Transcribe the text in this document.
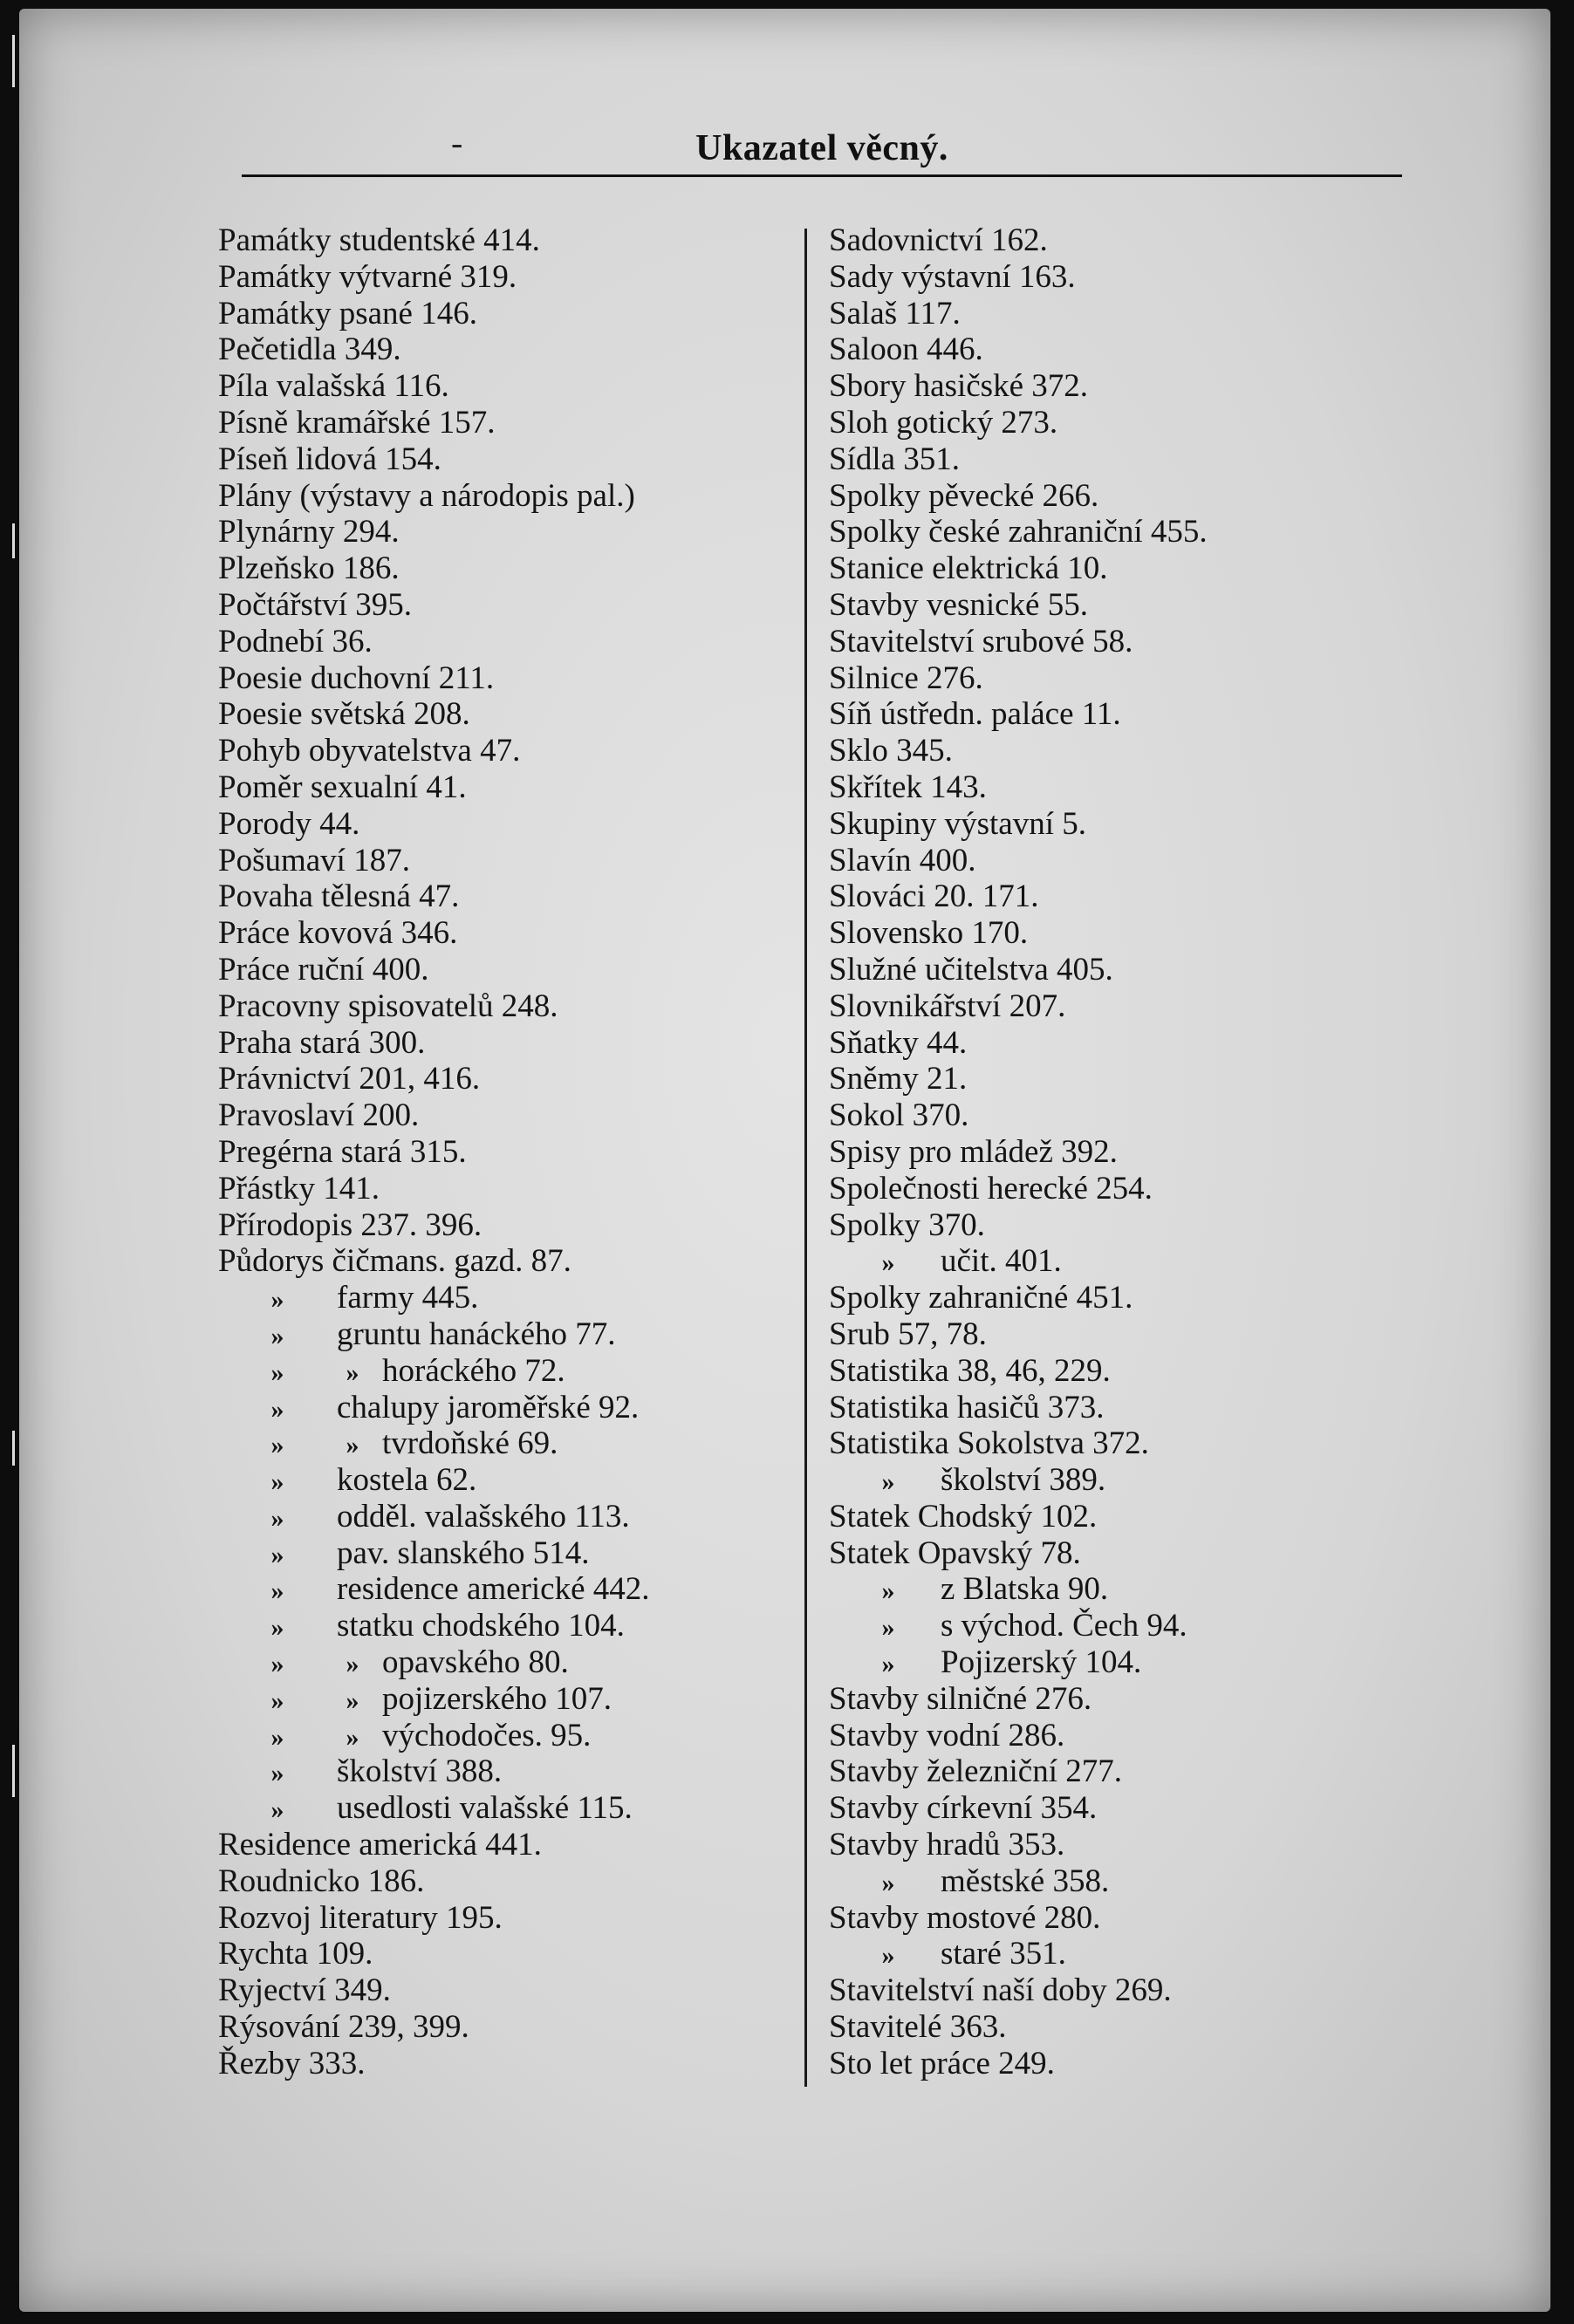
-	Ukazatel věcný.
Památky studentské 414.
Památky výtvarné 319.
Památky psané 146.
Pečetidla 349.
Píla valašská 116.
Písně kramářské 157.
Píseň lidová 154.
Plány (výstavy a národopis pal.)
Plynárny 294.
Plzeňsko 186.
Počtářství 395.
Podnebí 36.
Poesie duchovní 211.
Poesie světská 208.
Pohyb obyvatelstva 47.
Poměr sexualní 41.
Porody 44.
Pošumaví 187.
Povaha tělesná 47.
Práce kovová 346.
Práce ruční 400.
Pracovny spisovatelů 248.
Praha stará 300.
Právnictví 201, 416.
Pravoslaví 200.
Pregérna stará 315.
Přástky 141.
Přírodopis 237. 396.
Půdorys čičmans. gazd. 87.
» farmy 445.
» gruntu hanáckého 77.
» » horáckého 72.
» chalupy jaroměřské 92.
» » tvrdoňské 69.
» kostela 62.
» odděl. valašského 113.
» pav. slanského 514.
» residence americké 442.
» statku chodského 104.
» » opavského 80.
» » pojizerského 107.
» » východočes. 95.
» školství 388.
» usedlosti valašské 115.
Residence americká 441.
Roudnicko 186.
Rozvoj literatury 195.
Rychta 109.
Ryjectví 349.
Rýsování 239, 399.
Řezby 333.
Sadovnictví 162.
Sady výstavní 163.
Salaš 117.
Saloon 446.
Sbory hasičské 372.
Sloh gotický 273.
Sídla 351.
Spolky pěvecké 266.
Spolky české zahraniční 455.
Stanice elektrická 10.
Stavby vesnické 55.
Stavitelství srubové 58.
Silnice 276.
Síň ústředn. paláce 11.
Sklo 345.
Skřítek 143.
Skupiny výstavní 5.
Slavín 400.
Slováci 20. 171.
Slovensko 170.
Služné učitelstva 405.
Slovnikářství 207.
Sňatky 44.
Sněmy 21.
Sokol 370.
Spisy pro mládež 392.
Společnosti herecké 254.
Spolky 370.
» učit. 401.
Spolky zahraničné 451.
Srub 57, 78.
Statistika 38, 46, 229.
Statistika hasičů 373.
Statistika Sokolstva 372.
» školství 389.
Statek Chodský 102.
Statek Opavský 78.
» z Blatska 90.
» s východ. Čech 94.
» Pojizerský 104.
Stavby silničné 276.
Stavby vodní 286.
Stavby železniční 277.
Stavby církevní 354.
Stavby hradů 353.
» městské 358.
Stavby mostové 280.
» staré 351.
Stavitelství naší doby 269.
Stavitelé 363.
Sto let práce 249.
